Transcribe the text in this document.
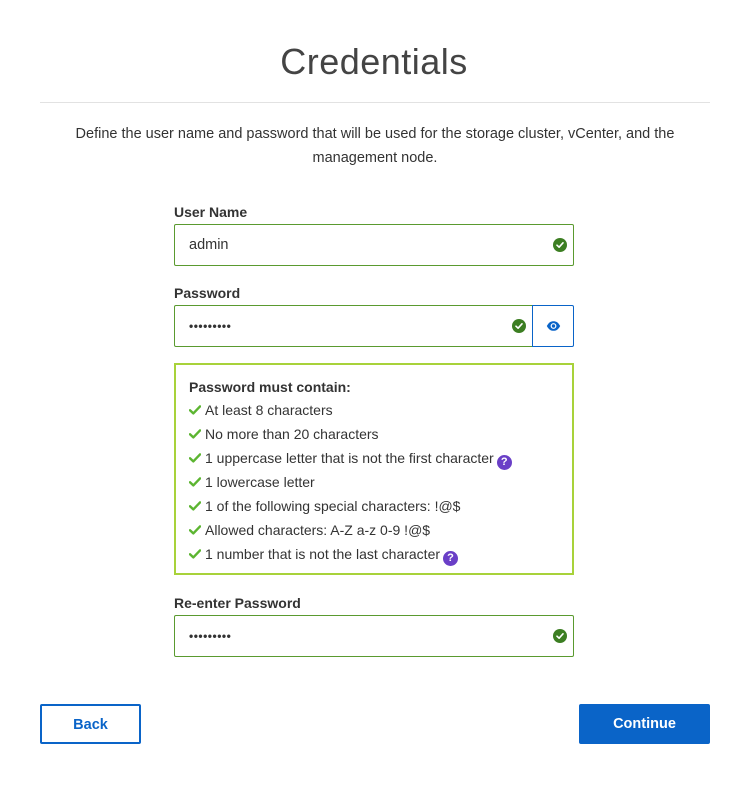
Credentials
Define the user name and password that will be used for the storage cluster, vCenter, and the management node.
User Name
admin
Password
•••••••••
Password must contain:
At least 8 characters
No more than 20 characters
1 uppercase letter that is not the first character ?
1 lowercase letter
1 of the following special characters: !@$
Allowed characters: A-Z a-z 0-9 !@$
1 number that is not the last character ?
Re-enter Password
•••••••••
Back	Continue
